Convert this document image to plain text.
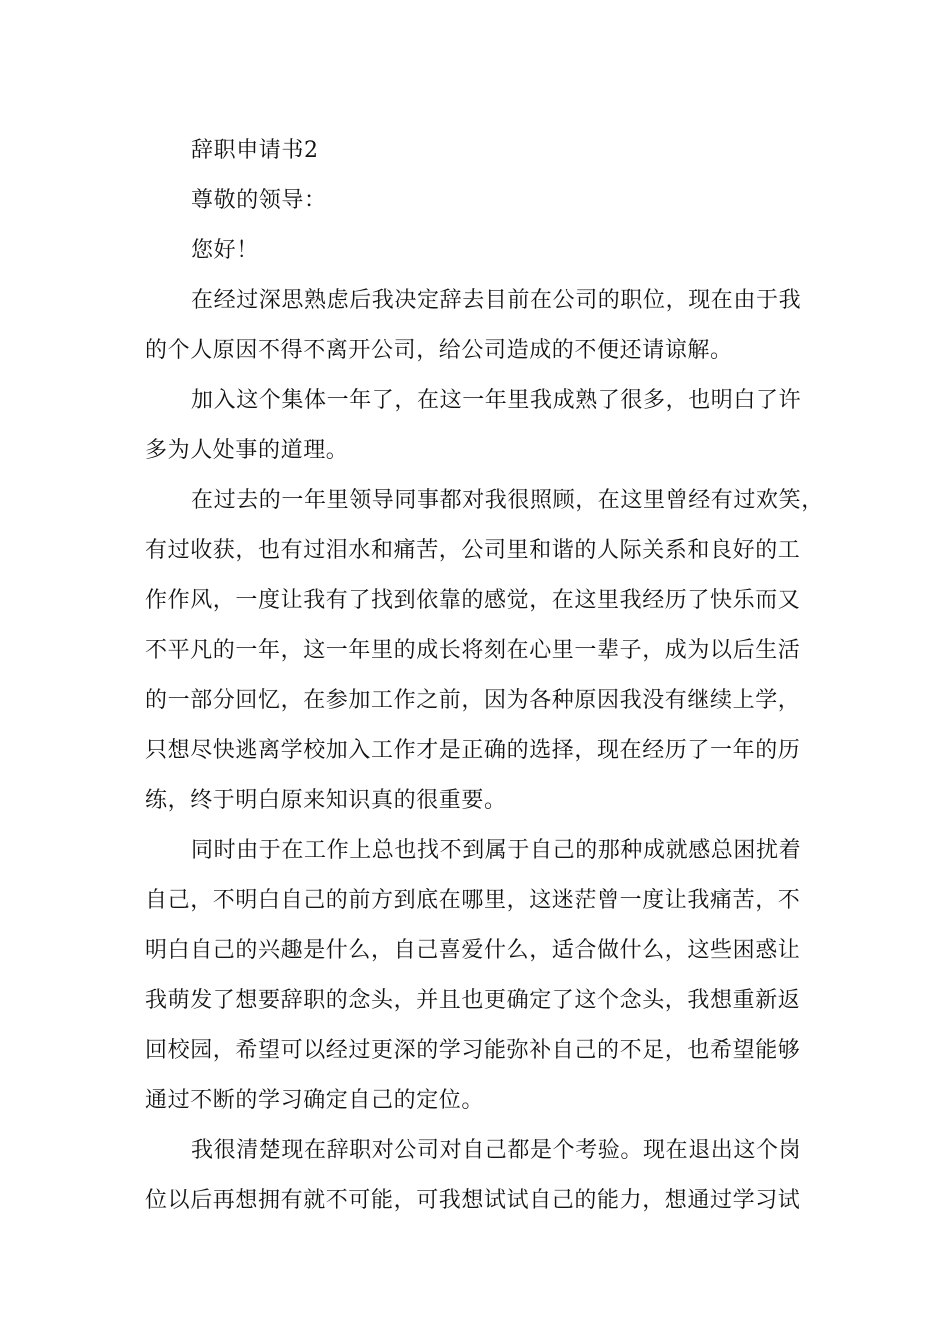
辞职申请书2
尊敬的领导：
您好！
在经过深思熟虑后我决定辞去目前在公司的职位，现在由于我
的个人原因不得不离开公司，给公司造成的不便还请谅解。
加入这个集体一年了，在这一年里我成熟了很多，也明白了许
多为人处事的道理。
在过去的一年里领导同事都对我很照顾，在这里曾经有过欢笑，
有过收获，也有过泪水和痛苦，公司里和谐的人际关系和良好的工
作作风，一度让我有了找到依靠的感觉，在这里我经历了快乐而又
不平凡的一年，这一年里的成长将刻在心里一辈子，成为以后生活
的一部分回忆，在参加工作之前，因为各种原因我没有继续上学，
只想尽快逃离学校加入工作才是正确的选择，现在经历了一年的历
练，终于明白原来知识真的很重要。
同时由于在工作上总也找不到属于自己的那种成就感总困扰着
自己，不明白自己的前方到底在哪里，这迷茫曾一度让我痛苦，不
明白自己的兴趣是什么，自己喜爱什么，适合做什么，这些困惑让
我萌发了想要辞职的念头，并且也更确定了这个念头，我想重新返
回校园，希望可以经过更深的学习能弥补自己的不足，也希望能够
通过不断的学习确定自己的定位。
我很清楚现在辞职对公司对自己都是个考验。现在退出这个岗
位以后再想拥有就不可能，可我想试试自己的能力，想通过学习试
